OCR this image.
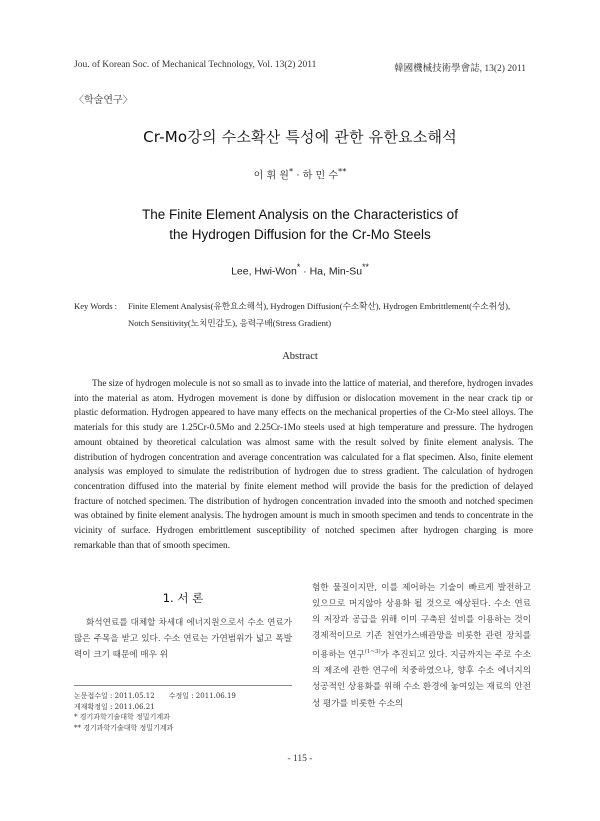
Jou. of Korean Soc. of Mechanical Technology, Vol. 13(2) 2011	韓國機械技術學會誌, 13(2) 2011
〈학술연구〉
Cr-Mo강의 수소확산 특성에 관한 유한요소해석
이 휘 원* · 하 민 수**
The Finite Element Analysis on the Characteristics of
the Hydrogen Diffusion for the Cr-Mo Steels
Lee, Hwi-Won* · Ha, Min-Su**
Key Words :	Finite Element Analysis(유한요소해석), Hydrogen Diffusion(수소확산), Hydrogen Embrittlement(수소취성),
Notch Sensitivity(노치민감도), 응력구배(Stress Gradient)
Abstract

The size of hydrogen molecule is not so small as to invade into the lattice of material, and therefore, hydrogen invades into the material as atom. Hydrogen movement is done by diffusion or dislocation movement in the near crack tip or plastic deformation. Hydrogen appeared to have many effects on the mechanical properties of the Cr-Mo steel alloys. The materials for this study are 1.25Cr-0.5Mo and 2.25Cr-1Mo steels used at high temperature and pressure. The hydrogen amount obtained by theoretical calculation was almost same with the result solved by finite element analysis. The distribution of hydrogen concentration and average concentration was calculated for a flat specimen. Also, finite element analysis was employed to simulate the redistribution of hydrogen due to stress gradient. The calculation of hydrogen concentration diffused into the material by finite element method will provide the basis for the prediction of delayed fracture of notched specimen. The distribution of hydrogen concentration invaded into the smooth and notched specimen was obtained by finite element analysis. The hydrogen amount is much in smooth specimen and tends to concentrate in the vicinity of surface. Hydrogen embrittlement susceptibility of notched specimen after hydrogen charging is more remarkable than that of smooth specimen.

1. 서 론

화석연료를 대체할 차세대 에너지원으로서 수소 연료가 많은 주목을 받고 있다. 수소 연료는 가연범위가 넓고 폭발력이 크기 때문에 매우 위

험한 물질이지만, 이를 제어하는 기술이 빠르게 발전하고 있으므로 머지않아 상용화 될 것으로 예상된다. 수소 연료의 저장과 공급을 위해 이미 구축된 설비를 이용하는 것이 경제적이므로 기존 천연가스배관망을 비롯한 관련 장치를 이용하는 연구$^{(1\sim 3)}$가 추진되고 있다. 지금까지는 주로 수소의 제조에 관한 연구에 치중하였으나, 향후 수소 에너지의 성공적인 상용화를 위해 수소 환경에 놓여있는 재료의 안전성 평가를 비롯한 수소의

논문접수일 : 2011.05.12 수정일 : 2011.06.19
게재확정일 : 2011.06.21
* 경기과학기술대학 정밀기계과
** 경기과학기술대학 정밀기계과
- 115 -
